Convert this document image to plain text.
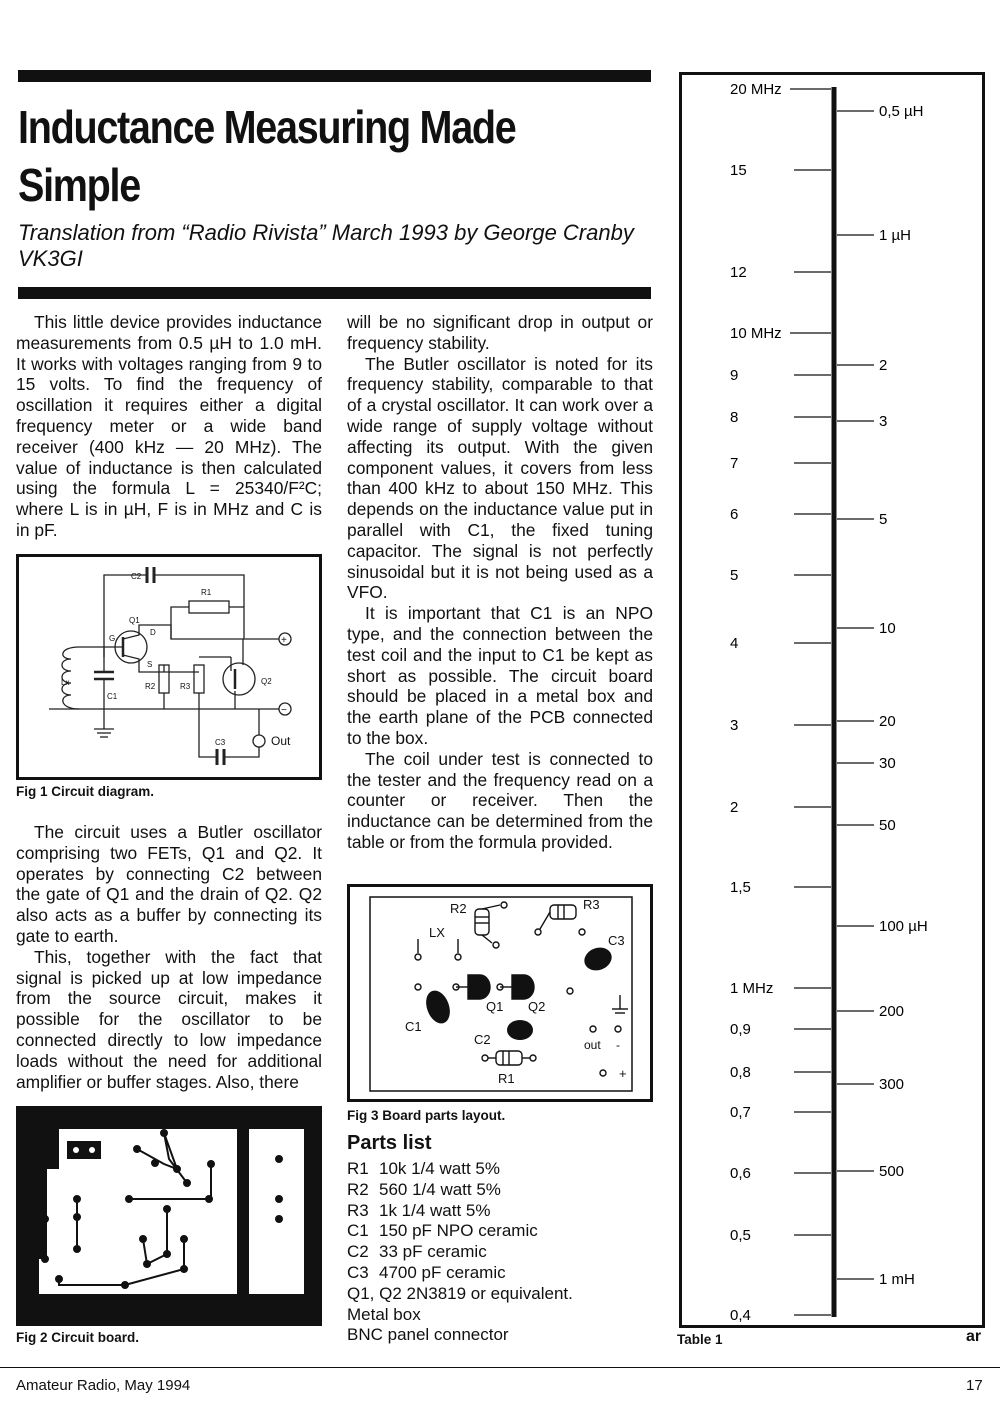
Inductance Measuring Made
Simple
Translation from “Radio Rivista” March 1993 by George Cranby VK3GI

This little device provides inductance measurements from 0.5 µH to 1.0 mH. It works with voltages ranging from 9 to 15 volts. To find the frequency of oscillation it requires either a digital frequency meter or a wide band receiver (400 kHz — 20 MHz). The value of inductance is then calculated using the formula L = 25340/F²C; where L is in µH, F is in MHz and C is in pF.

C2
R1
Q1
G
D
S
Lx
C1
R2	R3
Q2
C3	Out
+
−
Fig 1 Circuit diagram.

The circuit uses a Butler oscillator comprising two FETs, Q1 and Q2. It operates by connecting C2 between the gate of Q1 and the drain of Q2. Q2 also acts as a buffer by connecting its gate to earth.

This, together with the fact that signal is picked up at low impedance from the source circuit, makes it possible for the oscillator to be connected directly to low impedance loads without the need for additional amplifier or buffer stages. Also, there

Fig 2 Circuit board.

will be no significant drop in output or frequency stability.

The Butler oscillator is noted for its frequency stability, comparable to that of a crystal oscillator. It can work over a wide range of supply voltage without affecting its output. With the given component values, it covers from less than 400 kHz to about 150 MHz. This depends on the inductance value put in parallel with C1, the fixed tuning capacitor. The signal is not perfectly sinusoidal but it is not being used as a VFO.

It is important that C1 is an NPO type, and the connection between the test coil and the input to C1 be kept as short as possible. The circuit board should be placed in a metal box and the earth plane of the PCB connected to the box.

The coil under test is connected to the tester and the frequency read on a counter or receiver. Then the inductance can be determined from the table or from the formula provided.

R2	R3
LX
C3
C1
Q1 Q2
C2	out -
R1	+
Fig 3 Board parts layout.
Parts list
R1 10k 1/4 watt 5%
R2 560 1/4 watt 5%
R3 1k 1/4 watt 5%
C1 150 pF NPO ceramic
C2 33 pF ceramic
C3 4700 pF ceramic
Q1, Q2 2N3819 or equivalent.
Metal box
BNC panel connector
20 MHz
15
12
10 MHz
9
8
7
6
5
4
3
2
1,5
1 MHz
0,9
0,8
0,7
0,6
0,5
0,4
0,5 µH
1 µH
2
3
5
10
20
30
50
100 µH
200
300
500
1 mH
Table 1	ar
Amateur Radio, May 1994	17
